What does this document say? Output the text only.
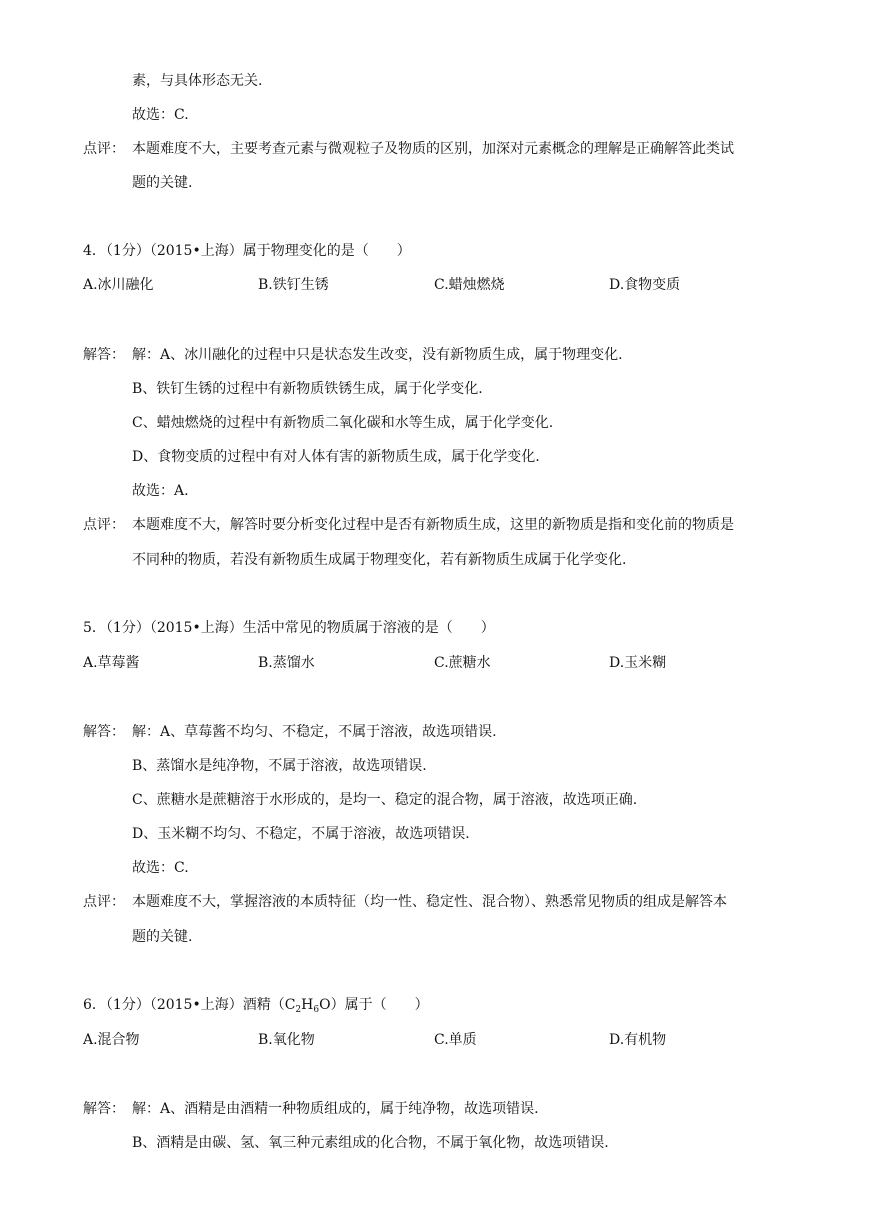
素，与具体形态无关.
故选：C.
点评： 本题难度不大，主要考查元素与微观粒子及物质的区别，加深对元素概念的理解是正确解答此类试
题的关键.
4．（1分）（2015•上海）属于物理变化的是（　　）
A.冰川融化	B.铁钉生锈	C.蜡烛燃烧	D.食物变质
解答： 解：A、冰川融化的过程中只是状态发生改变，没有新物质生成，属于物理变化.
B、铁钉生锈的过程中有新物质铁锈生成，属于化学变化.
C、蜡烛燃烧的过程中有新物质二氧化碳和水等生成，属于化学变化.
D、食物变质的过程中有对人体有害的新物质生成，属于化学变化.
故选：A.
点评： 本题难度不大，解答时要分析变化过程中是否有新物质生成，这里的新物质是指和变化前的物质是
不同种的物质，若没有新物质生成属于物理变化，若有新物质生成属于化学变化.
5．（1分）（2015•上海）生活中常见的物质属于溶液的是（　　）
A.草莓酱	B.蒸馏水	C.蔗糖水	D.玉米糊
解答： 解：A、草莓酱不均匀、不稳定，不属于溶液，故选项错误.
B、蒸馏水是纯净物，不属于溶液，故选项错误.
C、蔗糖水是蔗糖溶于水形成的，是均一、稳定的混合物，属于溶液，故选项正确.
D、玉米糊不均匀、不稳定，不属于溶液，故选项错误.
故选：C.
点评： 本题难度不大，掌握溶液的本质特征（均一性、稳定性、混合物）、熟悉常见物质的组成是解答本
题的关键.
6．（1分）（2015•上海）酒精$(C_2H_6O)$属于（　　）
A.混合物	B.氧化物	C.单质	D.有机物
解答： 解：A、酒精是由酒精一种物质组成的，属于纯净物，故选项错误.
B、酒精是由碳、氢、氧三种元素组成的化合物，不属于氧化物，故选项错误.
